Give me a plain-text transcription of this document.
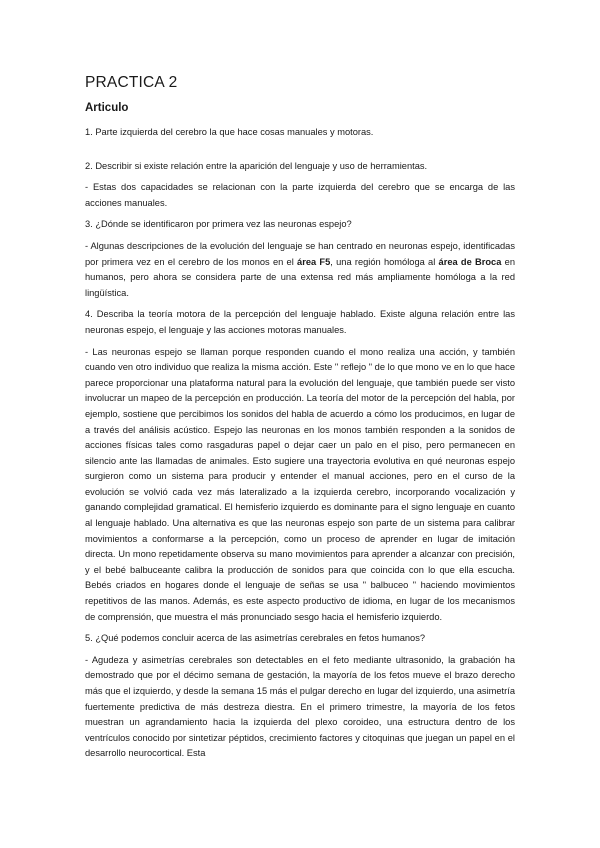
PRACTICA 2
Articulo

1. Parte izquierda del cerebro la que hace cosas manuales y motoras.

2. Describir si existe relación entre la aparición del lenguaje y uso de herramientas.

- Estas dos capacidades se relacionan con la parte izquierda del cerebro que se encarga de las acciones manuales.

3. ¿Dónde se identificaron por primera vez las neuronas espejo?

- Algunas descripciones de la evolución del lenguaje se han centrado en neuronas espejo, identificadas por primera vez en el cerebro de los monos en el área F5, una región homóloga al área de Broca en humanos, pero ahora se considera parte de una extensa red más ampliamente homóloga a la red lingüística.

4. Describa la teoría motora de la percepción del lenguaje hablado. Existe alguna relación entre las neuronas espejo, el lenguaje y las acciones motoras manuales.

- Las neuronas espejo se llaman porque responden cuando el mono realiza una acción, y también cuando ven otro individuo que realiza la misma acción. Este " reflejo " de lo que mono ve en lo que hace parece proporcionar una plataforma natural para la evolución del lenguaje, que también puede ser visto involucrar un mapeo de la percepción en producción. La teoría del motor de la percepción del habla, por ejemplo, sostiene que percibimos los sonidos del habla de acuerdo a cómo los producimos, en lugar de a través del análisis acústico. Espejo las neuronas en los monos también responden a la sonidos de acciones físicas tales como rasgaduras papel o dejar caer un palo en el piso, pero permanecen en silencio ante las llamadas de animales. Esto sugiere una trayectoria evolutiva en qué neuronas espejo surgieron como un sistema para producir y entender el manual acciones, pero en el curso de la evolución se volvió cada vez más lateralizado a la izquierda cerebro, incorporando vocalización y ganando complejidad gramatical. El hemisferio izquierdo es dominante para el signo lenguaje en cuanto al lenguaje hablado. Una alternativa es que las neuronas espejo son parte de un sistema para calibrar movimientos a conformarse a la percepción, como un proceso de aprender en lugar de imitación directa. Un mono repetidamente observa su mano movimientos para aprender a alcanzar con precisión, y el bebé balbuceante calibra la producción de sonidos para que coincida con lo que ella escucha. Bebés criados en hogares donde el lenguaje de señas se usa " balbuceo " haciendo movimientos repetitivos de las manos. Además, es este aspecto productivo de idioma, en lugar de los mecanismos de comprensión, que muestra el más pronunciado sesgo hacia el hemisferio izquierdo.

5. ¿Qué podemos concluir acerca de las asimetrías cerebrales en fetos humanos?

- Agudeza y asimetrías cerebrales son detectables en el feto mediante ultrasonido, la grabación ha demostrado que por el décimo semana de gestación, la mayoría de los fetos mueve el brazo derecho más que el izquierdo, y desde la semana 15 más el pulgar derecho en lugar del izquierdo, una asimetría fuertemente predictiva de más destreza diestra. En el primero trimestre, la mayoría de los fetos muestran un agrandamiento hacia la izquierda del plexo coroideo, una estructura dentro de los ventrículos conocido por sintetizar péptidos, crecimiento factores y citoquinas que juegan un papel en el desarrollo neurocortical. Esta
